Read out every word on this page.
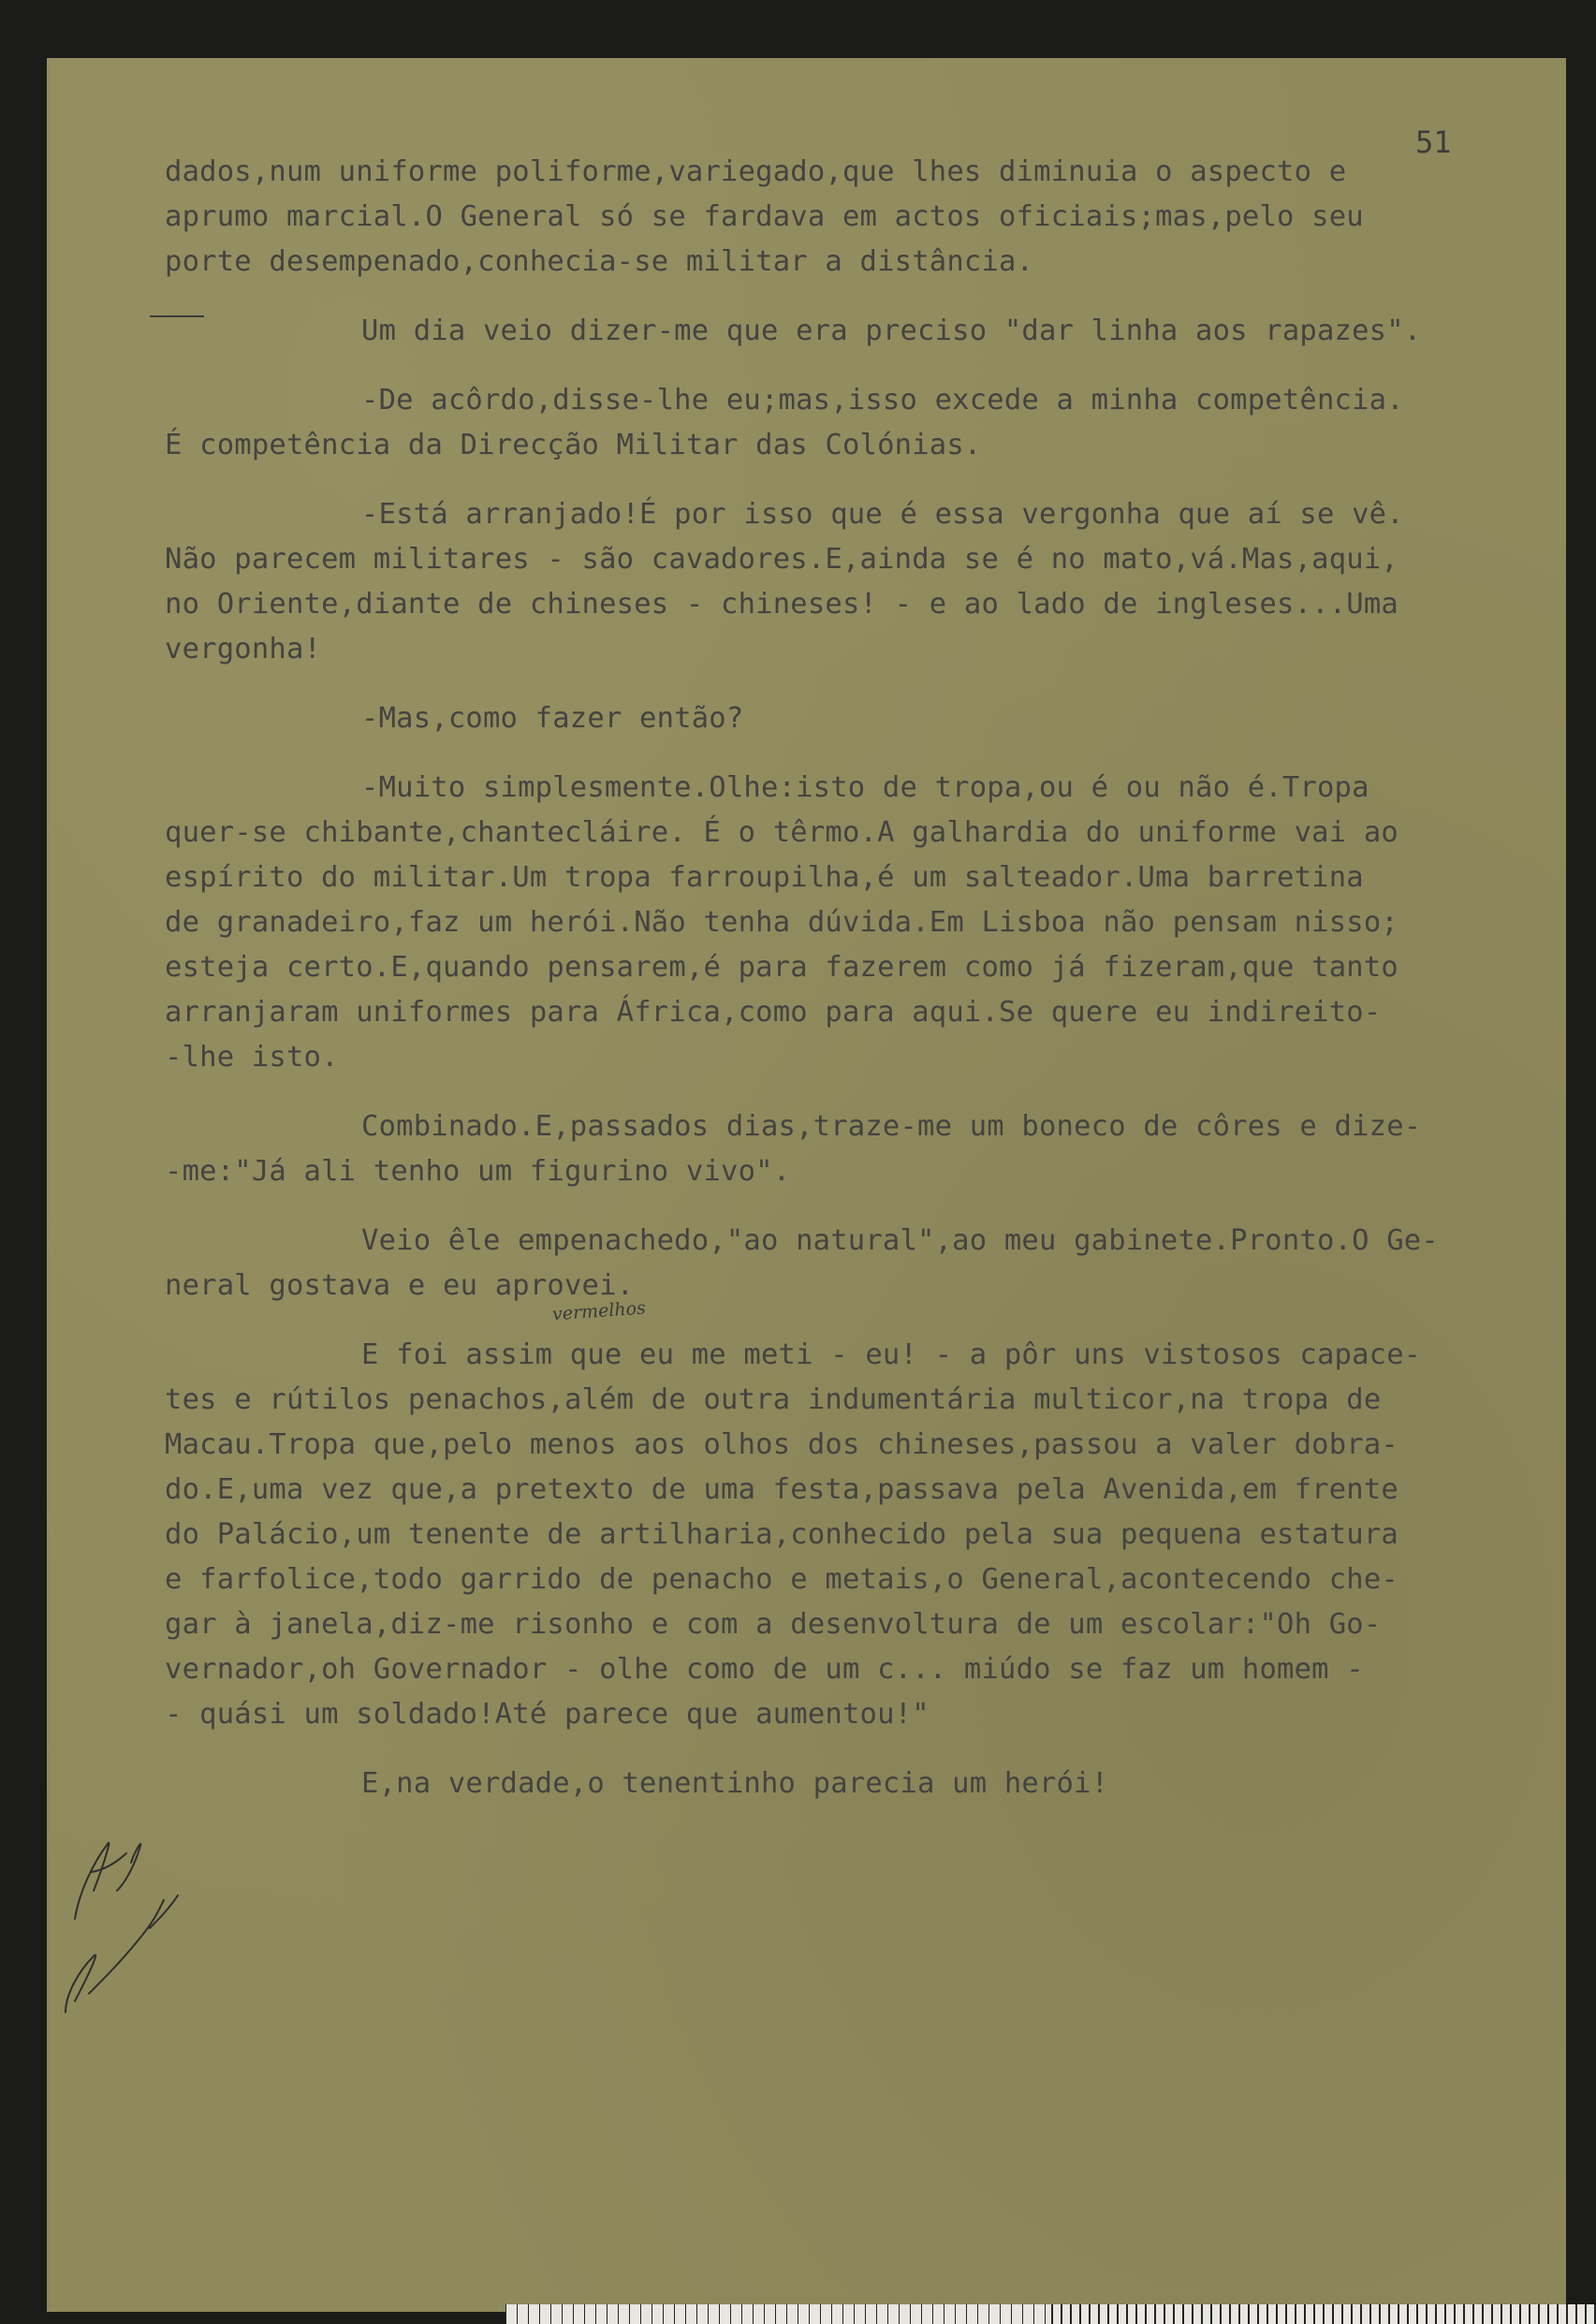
51

dados,num uniforme poliforme,variegado,que lhes diminuia o aspecto e

aprumo marcial.O General só se fardava em actos oficiais;mas,pelo seu

porte desempenado,conhecia-se militar a distância.

Um dia veio dizer-me que era preciso "dar linha aos rapazes".

-De acôrdo,disse-lhe eu;mas,isso excede a minha competência.

É competência da Direcção Militar das Colónias.

-Está arranjado!É por isso que é essa vergonha que aí se vê.

Não parecem militares - são cavadores.E,ainda se é no mato,vá.Mas,aqui,

no Oriente,diante de chineses - chineses! - e ao lado de ingleses...Uma

vergonha!

-Mas,como fazer então?

-Muito simplesmente.Olhe:isto de tropa,ou é ou não é.Tropa

quer-se chibante,chantecláire. É o têrmo.A galhardia do uniforme vai ao

espírito do militar.Um tropa farroupilha,é um salteador.Uma barretina

de granadeiro,faz um herói.Não tenha dúvida.Em Lisboa não pensam nisso;

esteja certo.E,quando pensarem,é para fazerem como já fizeram,que tanto

arranjaram uniformes para África,como para aqui.Se quere eu indireito-

-lhe isto.

Combinado.E,passados dias,traze-me um boneco de côres e dize-

-me:"Já ali tenho um figurino vivo".

Veio êle empenachedo,"ao natural",ao meu gabinete.Pronto.O Ge-

neral gostava e eu aprovei.

E foi assim que eu me meti - eu! - a pôr uns vistosos capace-

tes e rútilos penachos,além de outra indumentária multicor,na tropa de

Macau.Tropa que,pelo menos aos olhos dos chineses,passou a valer dobra-

do.E,uma vez que,a pretexto de uma festa,passava pela Avenida,em frente

do Palácio,um tenente de artilharia,conhecido pela sua pequena estatura

e farfolice,todo garrido de penacho e metais,o General,acontecendo che-

gar à janela,diz-me risonho e com a desenvoltura de um escolar:"Oh Go-

vernador,oh Governador - olhe como de um c... miúdo se faz um homem -

- quási um soldado!Até parece que aumentou!"

E,na verdade,o tenentinho parecia um herói!

vermelhos
